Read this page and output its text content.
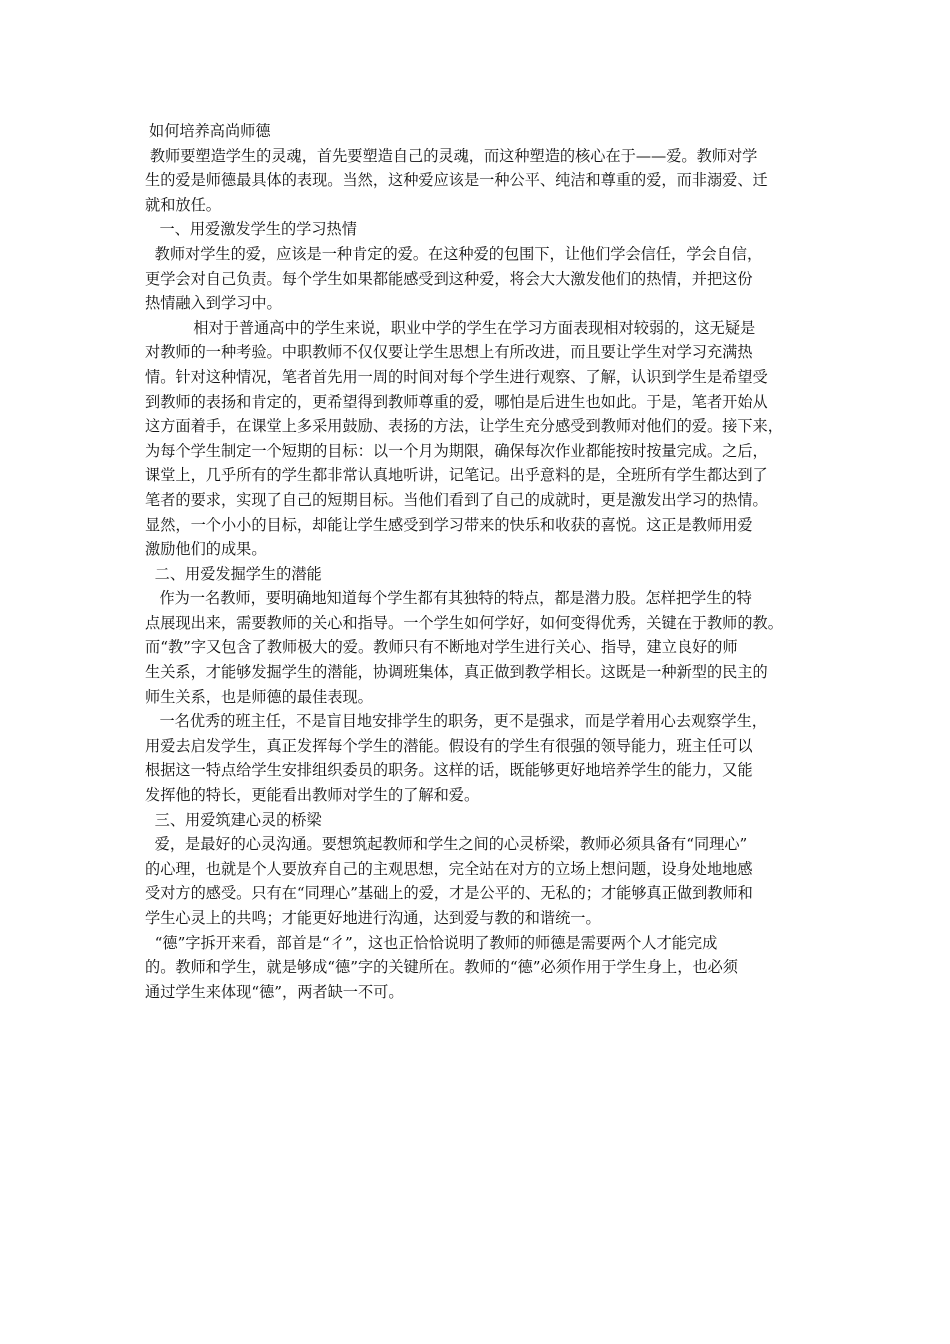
如何培养高尚师德
教师要塑造学生的灵魂，首先要塑造自己的灵魂，而这种塑造的核心在于——爱。教师对学
生的爱是师德最具体的表现。当然，这种爱应该是一种公平、纯洁和尊重的爱，而非溺爱、迁
就和放任。
一、用爱激发学生的学习热情
教师对学生的爱，应该是一种肯定的爱。在这种爱的包围下，让他们学会信任，学会自信，
更学会对自己负责。每个学生如果都能感受到这种爱，将会大大激发他们的热情，并把这份
热情融入到学习中。
相对于普通高中的学生来说，职业中学的学生在学习方面表现相对较弱的，这无疑是
对教师的一种考验。中职教师不仅仅要让学生思想上有所改进，而且要让学生对学习充满热
情。针对这种情况，笔者首先用一周的时间对每个学生进行观察、了解，认识到学生是希望受
到教师的表扬和肯定的，更希望得到教师尊重的爱，哪怕是后进生也如此。于是，笔者开始从
这方面着手，在课堂上多采用鼓励、表扬的方法，让学生充分感受到教师对他们的爱。接下来，
为每个学生制定一个短期的目标：以一个月为期限，确保每次作业都能按时按量完成。之后，
课堂上，几乎所有的学生都非常认真地听讲，记笔记。出乎意料的是，全班所有学生都达到了
笔者的要求，实现了自己的短期目标。当他们看到了自己的成就时，更是激发出学习的热情。
显然，一个小小的目标，却能让学生感受到学习带来的快乐和收获的喜悦。这正是教师用爱
激励他们的成果。
二、用爱发掘学生的潜能
作为一名教师，要明确地知道每个学生都有其独特的特点，都是潜力股。怎样把学生的特
点展现出来，需要教师的关心和指导。一个学生如何学好，如何变得优秀，关键在于教师的教。
而“教”字又包含了教师极大的爱。教师只有不断地对学生进行关心、指导，建立良好的师
生关系，才能够发掘学生的潜能，协调班集体，真正做到教学相长。这既是一种新型的民主的
师生关系，也是师德的最佳表现。
一名优秀的班主任，不是盲目地安排学生的职务，更不是强求，而是学着用心去观察学生，
用爱去启发学生，真正发挥每个学生的潜能。假设有的学生有很强的领导能力，班主任可以
根据这一特点给学生安排组织委员的职务。这样的话，既能够更好地培养学生的能力，又能
发挥他的特长，更能看出教师对学生的了解和爱。
三、用爱筑建心灵的桥梁
爱，是最好的心灵沟通。要想筑起教师和学生之间的心灵桥梁，教师必须具备有“同理心”
的心理，也就是个人要放弃自己的主观思想，完全站在对方的立场上想问题，设身处地地感
受对方的感受。只有在“同理心”基础上的爱，才是公平的、无私的；才能够真正做到教师和
学生心灵上的共鸣；才能更好地进行沟通，达到爱与教的和谐统一。
“德”字拆开来看，部首是“彳”，这也正恰恰说明了教师的师德是需要两个人才能完成
的。教师和学生，就是够成“德”字的关键所在。教师的“德”必须作用于学生身上，也必须
通过学生来体现“德”，两者缺一不可。
